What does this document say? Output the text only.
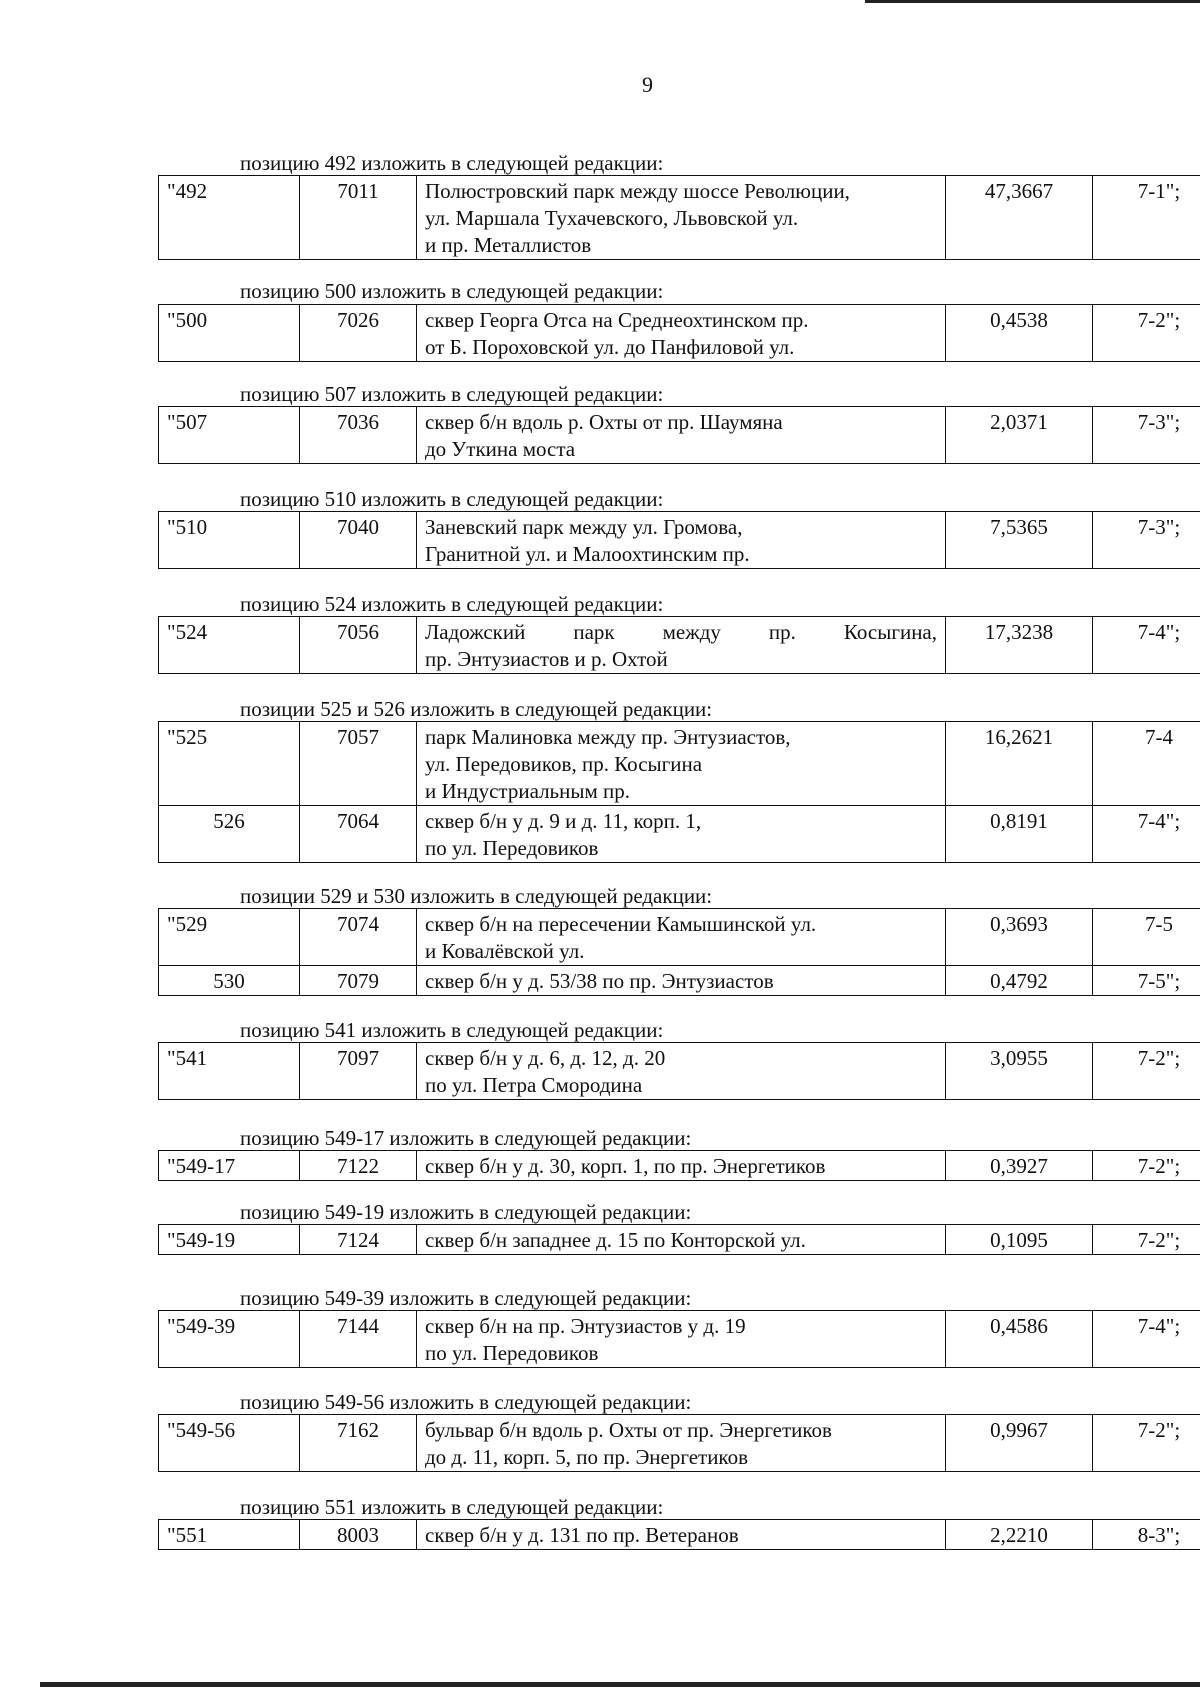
9
позицию 492 изложить в следующей редакции:
"492	7011	Полюстровский парк между шоссе Революции,
ул. Маршала Тухачевского, Львовской ул.
и пр. Металлистов
	47,3667	7-1";
позицию 500 изложить в следующей редакции:
"500	7026	сквер Георга Отса на Среднеохтинском пр.
от Б. Пороховской ул. до Панфиловой ул.
	0,4538	7-2";
позицию 507 изложить в следующей редакции:
"507	7036	сквер б/н вдоль р. Охты от пр. Шаумяна
до Уткина моста
	2,0371	7-3";
позицию 510 изложить в следующей редакции:
"510	7040	Заневский парк между ул. Громова,
Гранитной ул. и Малоохтинским пр.
	7,5365	7-3";
позицию 524 изложить в следующей редакции:
"524	7056	Ладожский парк между пр. Косыгина,
пр. Энтузиастов и р. Охтой
	17,3238	7-4";
позиции 525 и 526 изложить в следующей редакции:
"525	7057	парк Малиновка между пр. Энтузиастов,
ул. Передовиков, пр. Косыгина
и Индустриальным пр.	16,2621	7-4
526	7064	сквер б/н у д. 9 и д. 11, корп. 1,
по ул. Передовиков	0,8191	7-4";
позиции 529 и 530 изложить в следующей редакции:
"529	7074	сквер б/н на пересечении Камышинской ул.
и Ковалёвской ул.	0,3693	7-5
530	7079	сквер б/н у д. 53/38 по пр. Энтузиастов	0,4792	7-5";
позицию 541 изложить в следующей редакции:
"541	7097	сквер б/н у д. 6, д. 12, д. 20
по ул. Петра Смородина
	3,0955	7-2";
позицию 549-17 изложить в следующей редакции:
"549-17	7122	сквер б/н у д. 30, корп. 1, по пр. Энергетиков	0,3927	7-2";
позицию 549-19 изложить в следующей редакции:
"549-19	7124	сквер б/н западнее д. 15 по Конторской ул.	0,1095	7-2";
позицию 549-39 изложить в следующей редакции:
"549-39	7144	сквер б/н на пр. Энтузиастов у д. 19
по ул. Передовиков
	0,4586	7-4";
позицию 549-56 изложить в следующей редакции:
"549-56	7162	бульвар б/н вдоль р. Охты от пр. Энергетиков
до д. 11, корп. 5, по пр. Энергетиков
	0,9967	7-2";
позицию 551 изложить в следующей редакции:
"551	8003	сквер б/н у д. 131 по пр. Ветеранов	2,2210	8-3";
